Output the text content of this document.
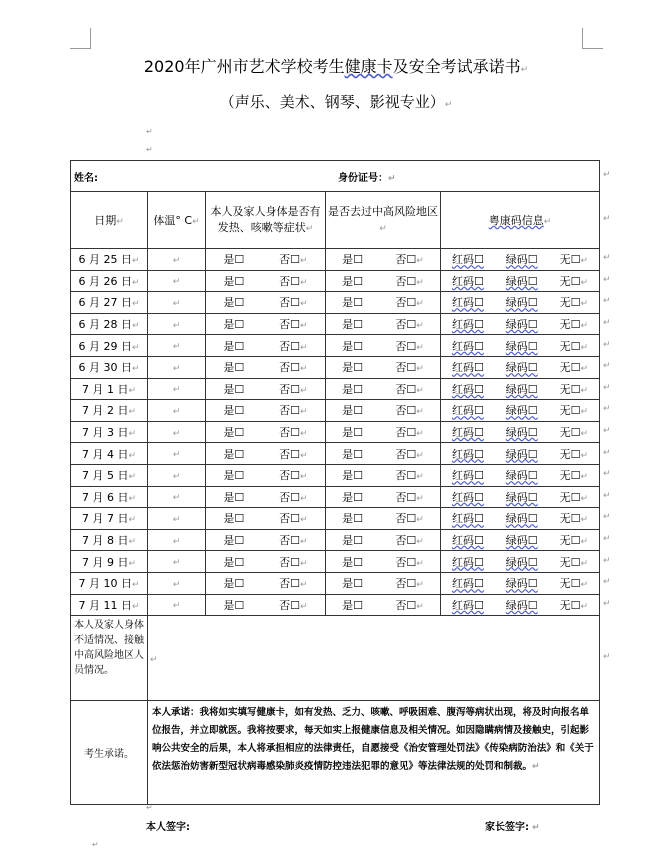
2020年广州市艺术学校考生健康卡及安全考试承诺书↵
（声乐、美术、钢琴、影视专业）↵
↵
↵
姓名: 身份证号：↵				
日期↵	体温° C↵	本人及家人身体是否有发热、咳嗽等症状↵	是否去过中高风险地区↵	粤康码信息↵
6 月 25 日↵	↵	是☐ 否☐↵	是☐ 否☐↵	红码☐ 绿码☐ 无☐↵

6 月 26 日↵	↵	是☐ 否☐↵	是☐ 否☐↵	红码☐ 绿码☐ 无☐↵

6 月 27 日↵	↵	是☐ 否☐↵	是☐ 否☐↵	红码☐ 绿码☐ 无☐↵

6 月 28 日↵	↵	是☐ 否☐↵	是☐ 否☐↵	红码☐ 绿码☐ 无☐↵

6 月 29 日↵	↵	是☐ 否☐↵	是☐ 否☐↵	红码☐ 绿码☐ 无☐↵

6 月 30 日↵	↵	是☐ 否☐↵	是☐ 否☐↵	红码☐ 绿码☐ 无☐↵

7 月 1 日↵	↵	是☐ 否☐↵	是☐ 否☐↵	红码☐ 绿码☐ 无☐↵

7 月 2 日↵	↵	是☐ 否☐↵	是☐ 否☐↵	红码☐ 绿码☐ 无☐↵

7 月 3 日↵	↵	是☐ 否☐↵	是☐ 否☐↵	红码☐ 绿码☐ 无☐↵

7 月 4 日↵	↵	是☐ 否☐↵	是☐ 否☐↵	红码☐ 绿码☐ 无☐↵

7 月 5 日↵	↵	是☐ 否☐↵	是☐ 否☐↵	红码☐ 绿码☐ 无☐↵

7 月 6 日↵	↵	是☐ 否☐↵	是☐ 否☐↵	红码☐ 绿码☐ 无☐↵

7 月 7 日↵	↵	是☐ 否☐↵	是☐ 否☐↵	红码☐ 绿码☐ 无☐↵

7 月 8 日↵	↵	是☐ 否☐↵	是☐ 否☐↵	红码☐ 绿码☐ 无☐↵

7 月 9 日↵	↵	是☐ 否☐↵	是☐ 否☐↵	红码☐ 绿码☐ 无☐↵

7 月 10 日↵	↵	是☐ 否☐↵	是☐ 否☐↵	红码☐ 绿码☐ 无☐↵

7 月 11 日↵	↵	是☐ 否☐↵	是☐ 否☐↵	红码☐ 绿码☐ 无☐↵

本人及家人身体不适情况、接触中高风险地区人员情况。	↵			
考生承诺。	本人承诺：我将如实填写健康卡，如有发热、乏力、咳嗽、呼吸困难、腹泻等病状出现，将及时向报名单位报告，并立即就医。我将按要求，每天如实上报健康信息及相关情况。如因隐瞒病情及接触史，引起影响公共安全的后果，本人将承担相应的法律责任，自愿接受《治安管理处罚法》《传染病防治法》和《关于依法惩治妨害新型冠状病毒感染肺炎疫情防控违法犯罪的意见》等法律法规的处罚和制裁。↵			
本人签字:	家长签字: ↵
↵
↵
↵
↵
↵
↵
↵
↵
↵
↵
↵
↵
↵
↵
↵
↵
↵
↵
↵
↵
↵
↵
